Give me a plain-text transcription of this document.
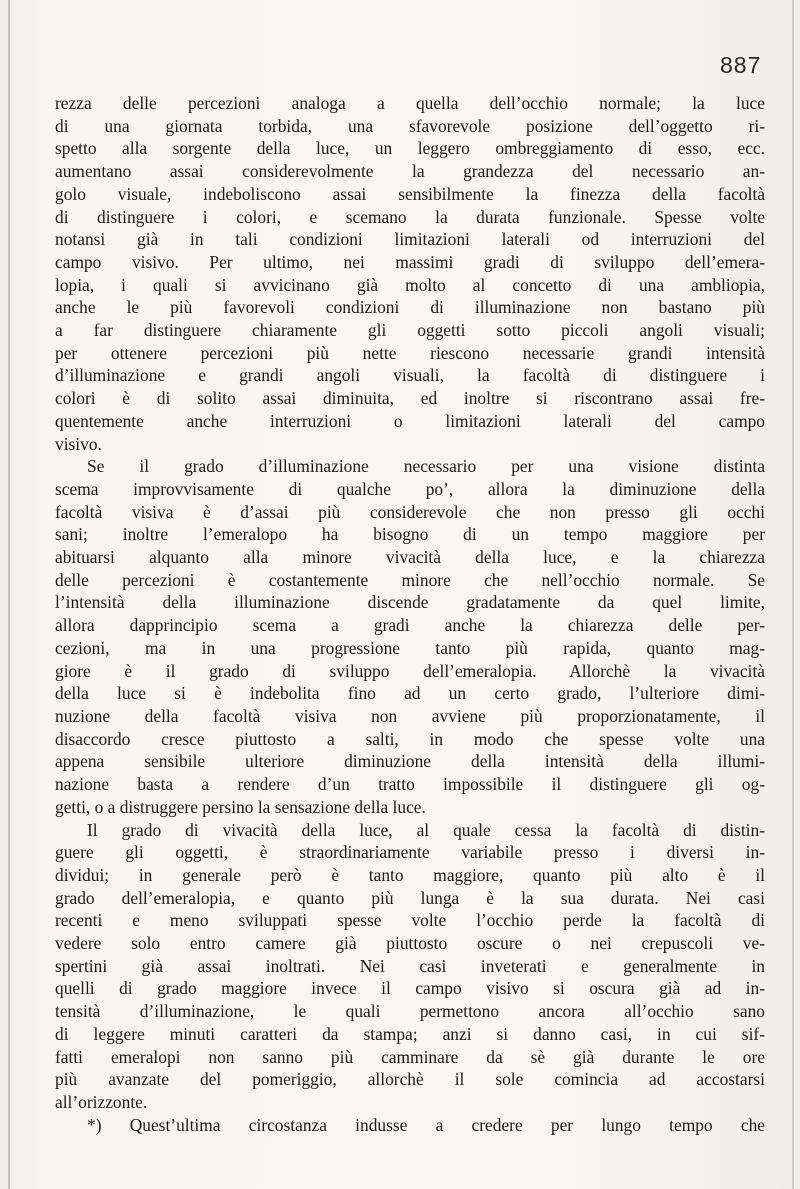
887
rezza delle percezioni analoga a quella dell’occhio normale; la luce
di una giornata torbida, una sfavorevole posizione dell’oggetto ri-
spetto alla sorgente della luce, un leggero ombreggiamento di esso, ecc.
aumentano assai considerevolmente la grandezza del necessario an-
golo visuale, indeboliscono assai sensibilmente la finezza della facoltà
di distinguere i colori, e scemano la durata funzionale. Spesse volte
notansi già in tali condizioni limitazioni laterali od interruzioni del
campo visivo. Per ultimo, nei massimi gradi di sviluppo dell’emera-
lopia, i quali si avvicinano già molto al concetto di una ambliopia,
anche le più favorevoli condizioni di illuminazione non bastano più
a far distinguere chiaramente gli oggetti sotto piccoli angoli visuali;
per ottenere percezioni più nette riescono necessarie grandi intensità
d’illuminazione e grandi angoli visuali, la facoltà di distinguere i
colori è di solito assai diminuita, ed inoltre si riscontrano assai fre-
quentemente anche interruzioni o limitazioni laterali del campo
visivo.
Se il grado d’illuminazione necessario per una visione distinta
scema improvvisamente di qualche po’, allora la diminuzione della
facoltà visiva è d’assai più considerevole che non presso gli occhi
sani; inoltre l’emeralopo ha bisogno di un tempo maggiore per
abituarsi alquanto alla minore vivacità della luce, e la chiarezza
delle percezioni è costantemente minore che nell’occhio normale. Se
l’intensità della illuminazione discende gradatamente da quel limite,
allora dapprincipio scema a gradi anche la chiarezza delle per-
cezioni, ma in una progressione tanto più rapida, quanto mag-
giore è il grado di sviluppo dell’emeralopia. Allorchè la vivacità
della luce si è indebolita fino ad un certo grado, l’ulteriore dimi-
nuzione della facoltà visiva non avviene più proporzionatamente, il
disaccordo cresce piuttosto a salti, in modo che spesse volte una
appena sensibile ulteriore diminuzione della intensità della illumi-
nazione basta a rendere d’un tratto impossibile il distinguere gli og-
getti, o a distruggere persino la sensazione della luce.
Il grado di vivacità della luce, al quale cessa la facoltà di distin-
guere gli oggetti, è straordinariamente variabile presso i diversi in-
dividui; in generale però è tanto maggiore, quanto più alto è il
grado dell’emeralopia, e quanto più lunga è la sua durata. Nei casi
recenti e meno sviluppati spesse volte l’occhio perde la facoltà di
vedere solo entro camere già piuttosto oscure o nei crepuscoli ve-
spertini già assai inoltrati. Nei casi inveterati e generalmente in
quelli di grado maggiore invece il campo visivo si oscura già ad in-
tensità d’illuminazione, le quali permettono ancora all’occhio sano
di leggere minuti caratteri da stampa; anzi si danno casi, in cui sif-
fatti emeralopi non sanno più camminare da sè già durante le ore
più avanzate del pomeriggio, allorchè il sole comincia ad accostarsi
all’orizzonte.
*) Quest’ultima circostanza indusse a credere per lungo tempo che
